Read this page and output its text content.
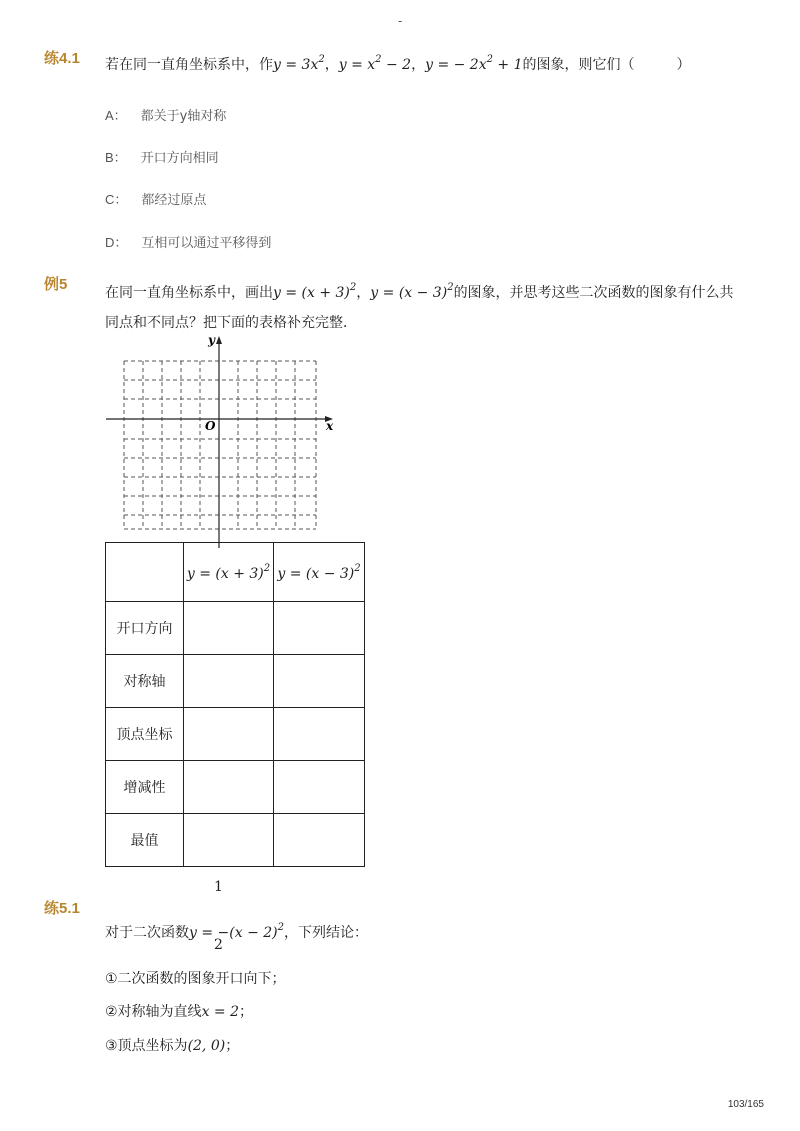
-
练4.1 若在同一直角坐标系中，作$y = 3x^2$，$y = x^2 - 2$，y = − $2x^2 + 1$的图象，则它们（　　　）
A： 都关于y轴对称
B： 开口方向相同
C： 都经过原点
D： 互相可以通过平移得到
例5	在同一直角坐标系中，画出$y = (x + 3)^2$，$y = (x - 3)^2$的图象，并思考这些二次函数的图象有什么共
同点和不同点？把下面的表格补充完整．
x
y
O
	$y = (x + 3)^2$	$y = (x - 3)^2$
开口方向		
对称轴		
顶点坐标		
增减性		
最值		
练5.1
1
对于二次函数$y = -(x - 2)^2$，下列结论：
2
①二次函数的图象开口向下；
②对称轴为直线x = 2；
③顶点坐标为(2, 0)；
103/165
